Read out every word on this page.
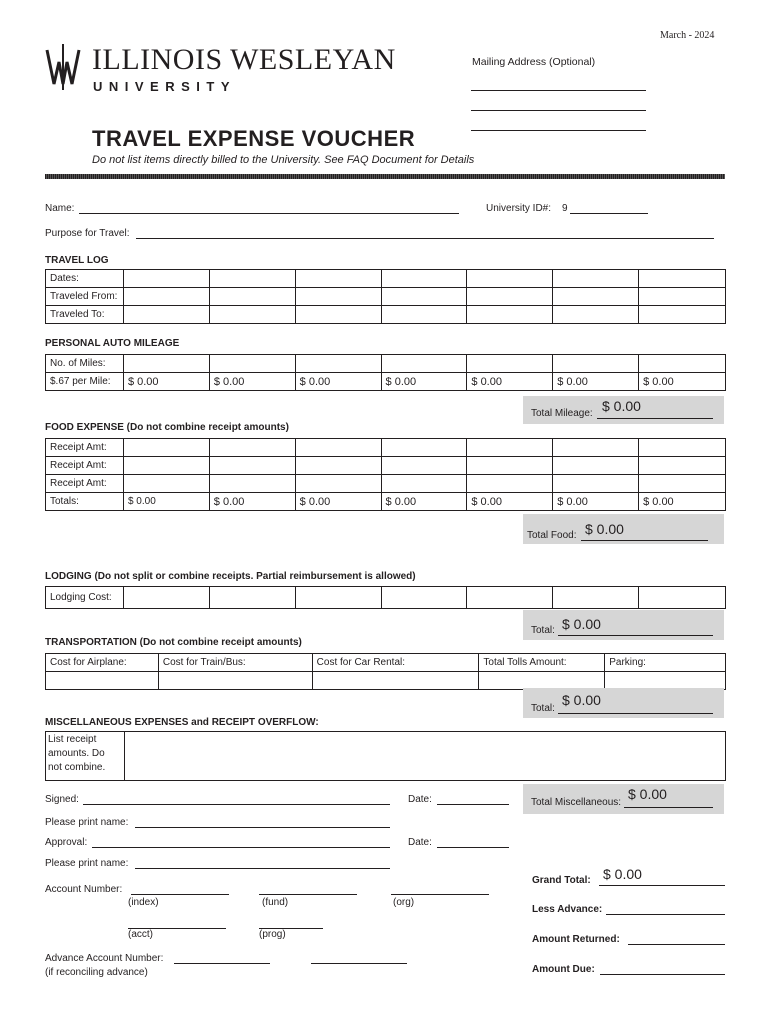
March - 2024
ILLINOIS WESLEYAN
UNIVERSITY
Mailing Address (Optional)
TRAVEL EXPENSE VOUCHER
Do not list items directly billed to the University. See FAQ Document for Details
Name:	University ID#: 9
Purpose for Travel:
TRAVEL LOG
Dates:							
Traveled From:							
Traveled To:							
PERSONAL AUTO MILEAGE
No. of Miles:							
$.67 per Mile:	$ 0.00	$ 0.00	$ 0.00	$ 0.00	$ 0.00	$ 0.00	$ 0.00
Total Mileage: $ 0.00
FOOD EXPENSE (Do not combine receipt amounts)
Receipt Amt:							
Receipt Amt:							
Receipt Amt:							
Totals:	$ 0.00	$ 0.00	$ 0.00	$ 0.00	$ 0.00	$ 0.00	$ 0.00
Total Food: $ 0.00
LODGING (Do not split or combine receipts. Partial reimbursement is allowed)
Lodging Cost:							
Total: $ 0.00
TRANSPORTATION (Do not combine receipt amounts)
Cost for Airplane:	Cost for Train/Bus:	Cost for Car Rental:	Total Tolls Amount:	Parking:

Total:
$ 0.00
MISCELLANEOUS EXPENSES and RECEIPT OVERFLOW:
List receipt
amounts. Do
not combine.
Total Miscellaneous:
$ 0.00
Signed:	Date:
Please print name:
Approval:	Date:
Please print name:
Account Number:
(index)	(fund)	(org)
(acct)	(prog)
Advance Account Number:
(if reconciling advance)
Grand Total: $ 0.00
Less Advance:
Amount Returned:
Amount Due:
